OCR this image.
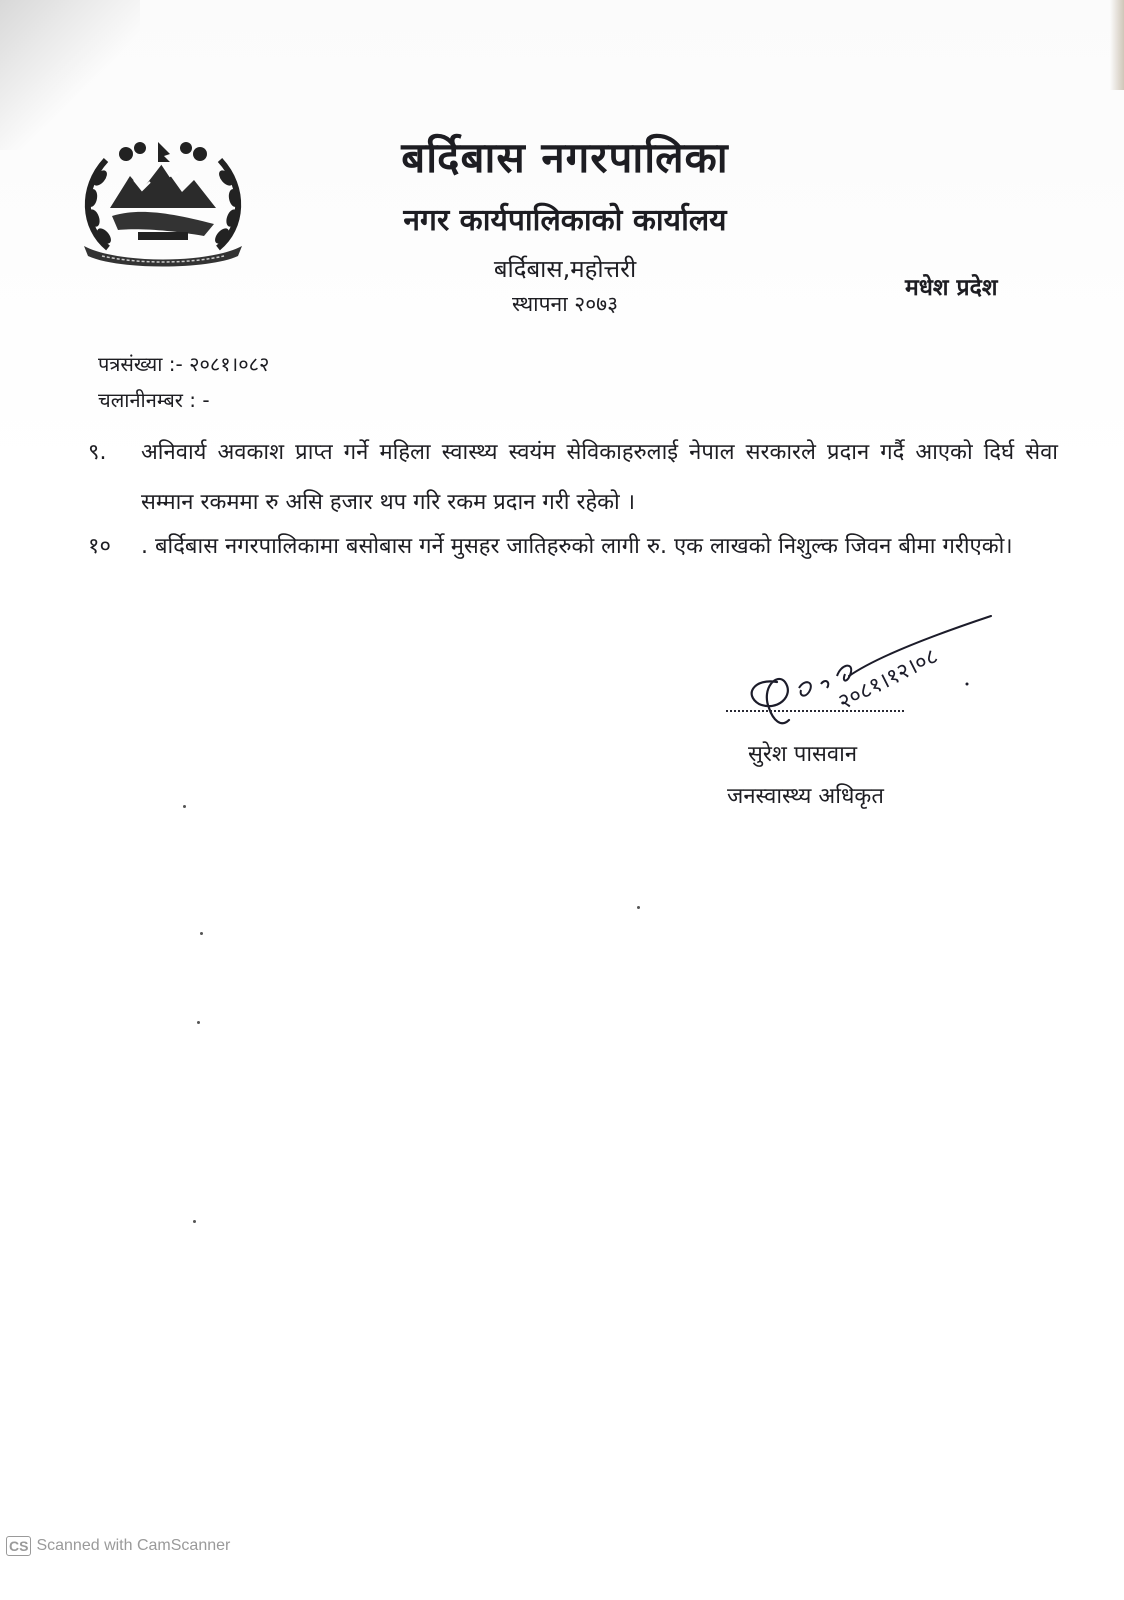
बर्दिबास नगरपालिका
नगर कार्यपालिकाको कार्यालय
बर्दिबास,महोत्तरी
स्थापना २०७३
मधेश प्रदेश
पत्रसंख्या :- २०८१।०८२
चलानीनम्बर : -
९. अनिवार्य अवकाश प्राप्त गर्ने महिला स्वास्थ्य स्वयंम सेविकाहरुलाई नेपाल सरकारले प्रदान गर्दै आएको दिर्घ सेवा सम्मान रकममा रु असि हजार थप गरि रकम प्रदान गरी रहेको ।
१० . बर्दिबास नगरपालिकामा बसोबास गर्ने मुसहर जातिहरुको लागी रु. एक लाखको निशुल्क जिवन बीमा गरीएको।
२०८१।१२।०८
सुरेश पासवान
जनस्वास्थ्य अधिकृत
CS Scanned with CamScanner
